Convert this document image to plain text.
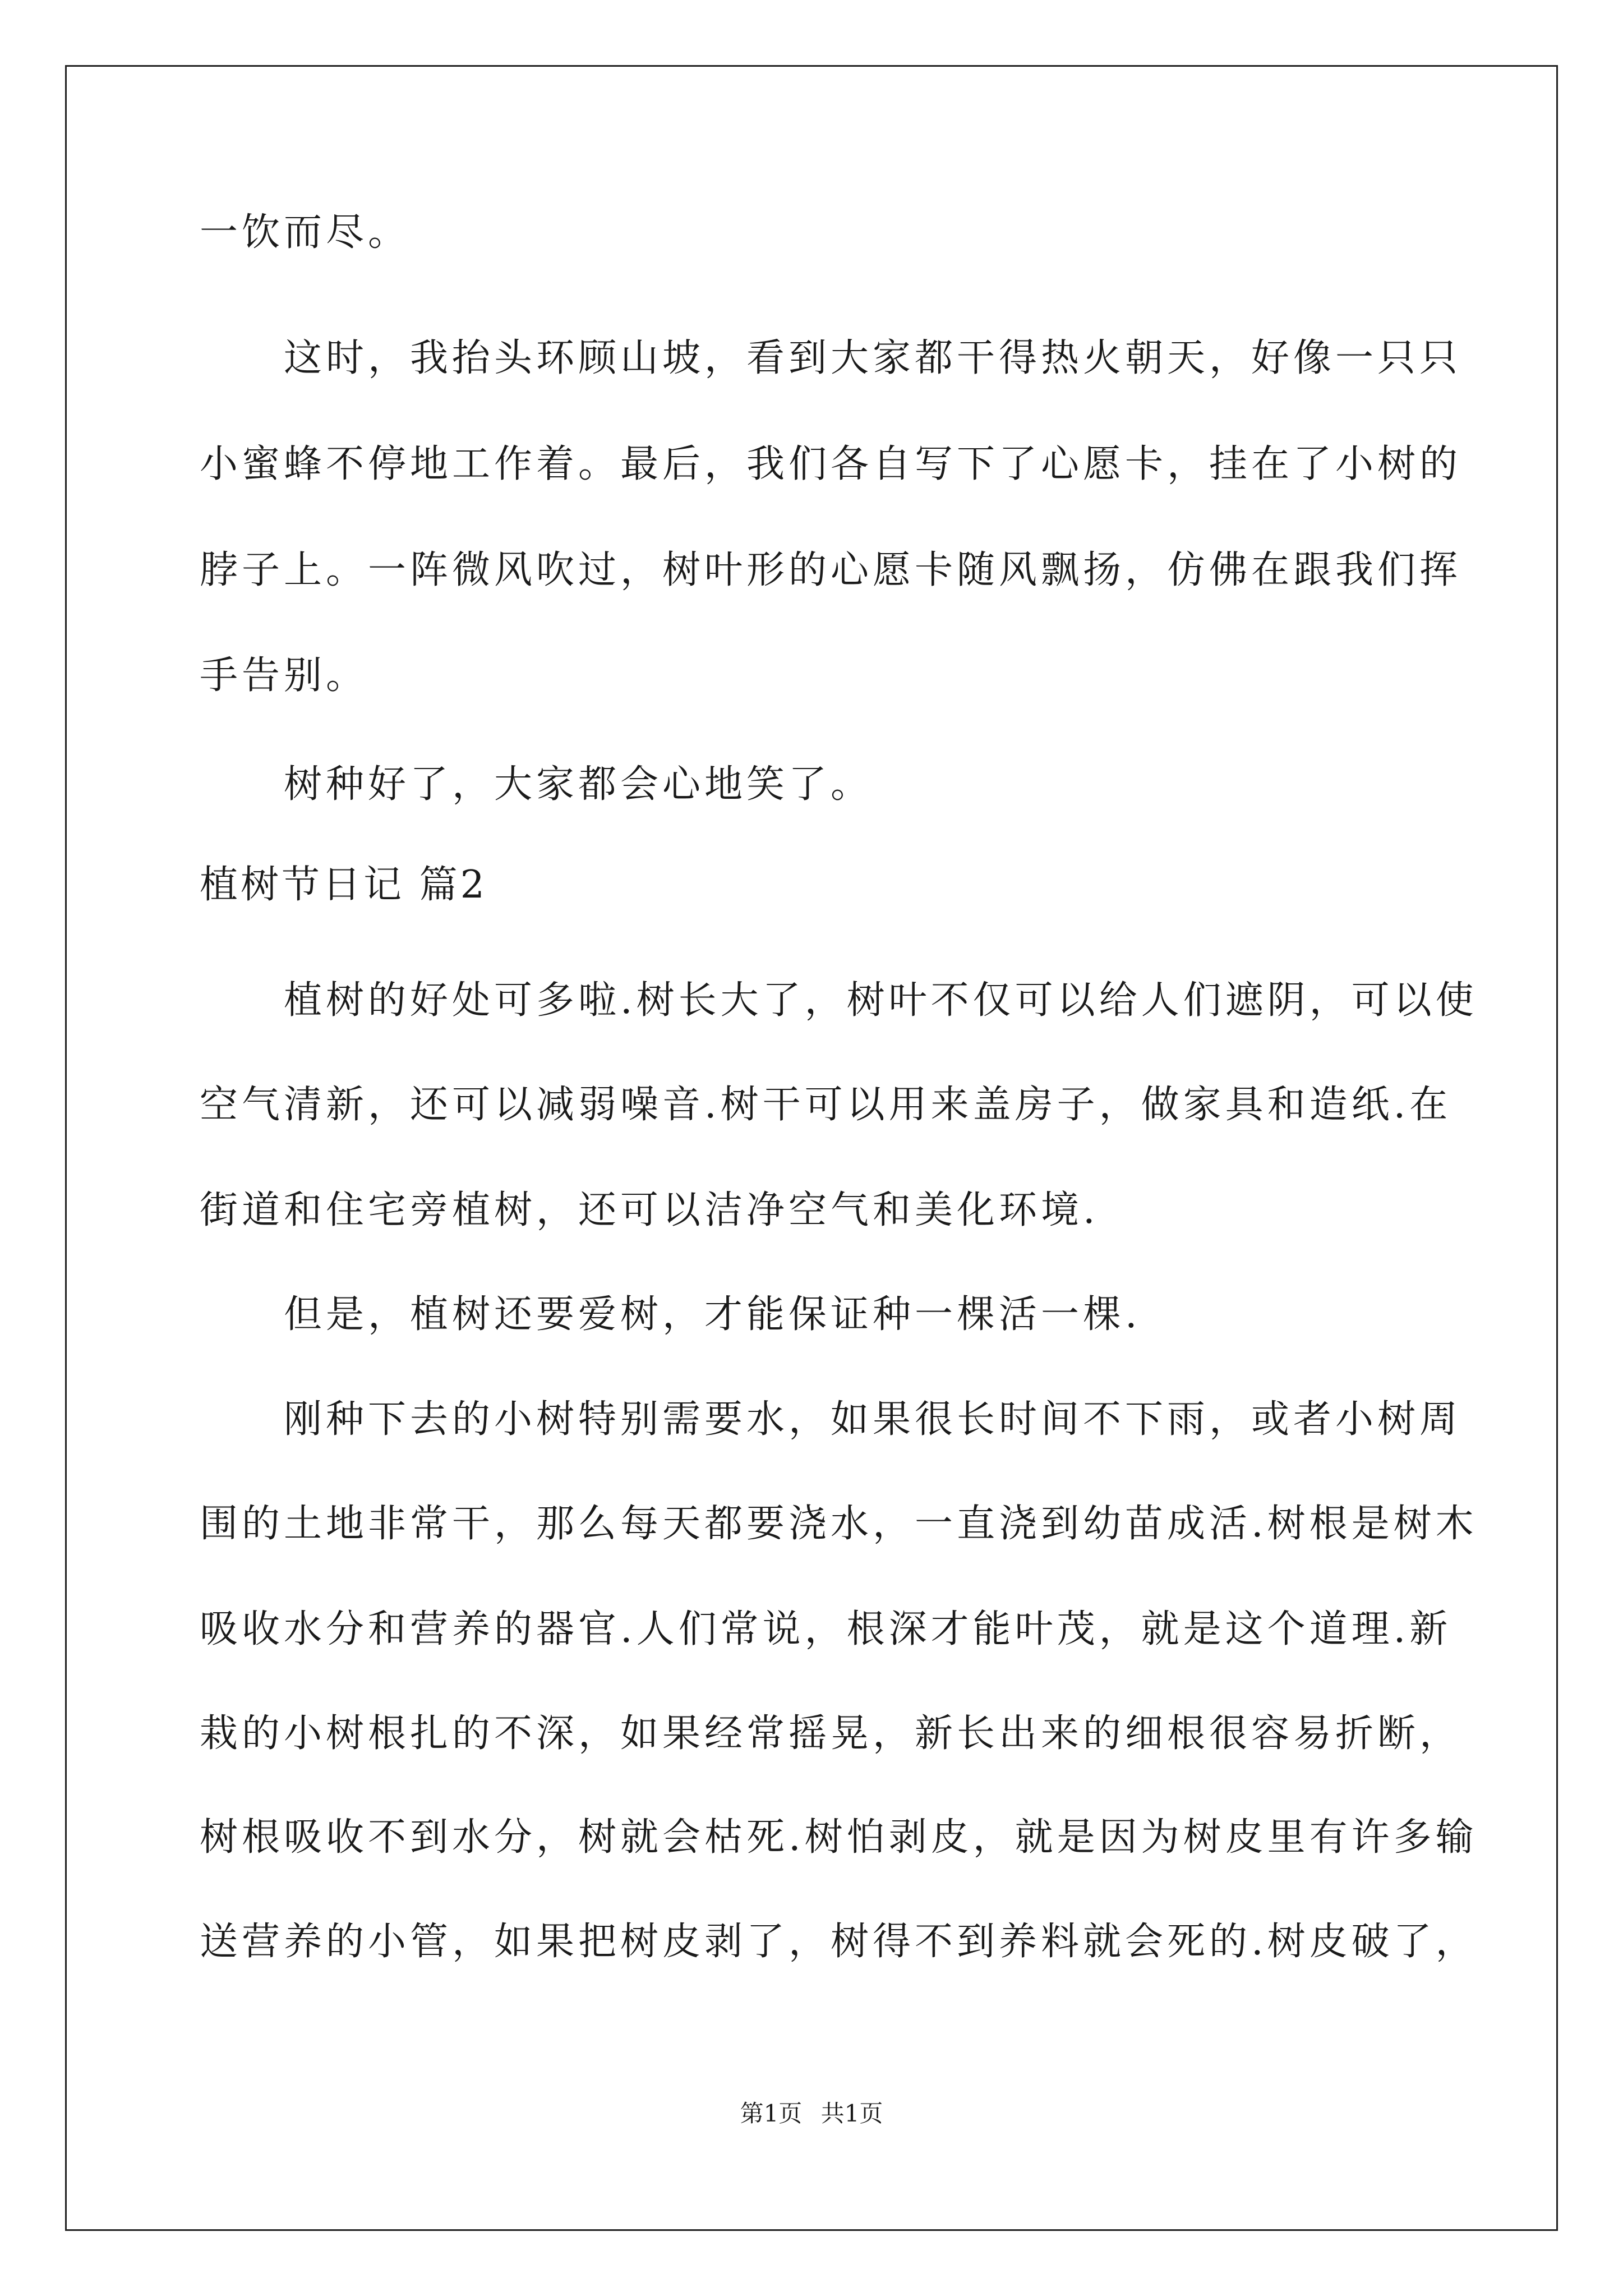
一饮而尽。
这时，我抬头环顾山坡，看到大家都干得热火朝天，好像一只只
小蜜蜂不停地工作着。最后，我们各自写下了心愿卡，挂在了小树的
脖子上。一阵微风吹过，树叶形的心愿卡随风飘扬，仿佛在跟我们挥
手告别。
树种好了，大家都会心地笑了。
植树节日记 篇2
植树的好处可多啦.树长大了，树叶不仅可以给人们遮阴，可以使
空气清新，还可以减弱噪音.树干可以用来盖房子，做家具和造纸.在
街道和住宅旁植树，还可以洁净空气和美化环境.
但是，植树还要爱树，才能保证种一棵活一棵.
刚种下去的小树特别需要水，如果很长时间不下雨，或者小树周
围的土地非常干，那么每天都要浇水，一直浇到幼苗成活.树根是树木
吸收水分和营养的器官.人们常说，根深才能叶茂，就是这个道理.新
栽的小树根扎的不深，如果经常摇晃，新长出来的细根很容易折断，
树根吸收不到水分，树就会枯死.树怕剥皮，就是因为树皮里有许多输
送营养的小管，如果把树皮剥了，树得不到养料就会死的.树皮破了，
第1页 共1页
